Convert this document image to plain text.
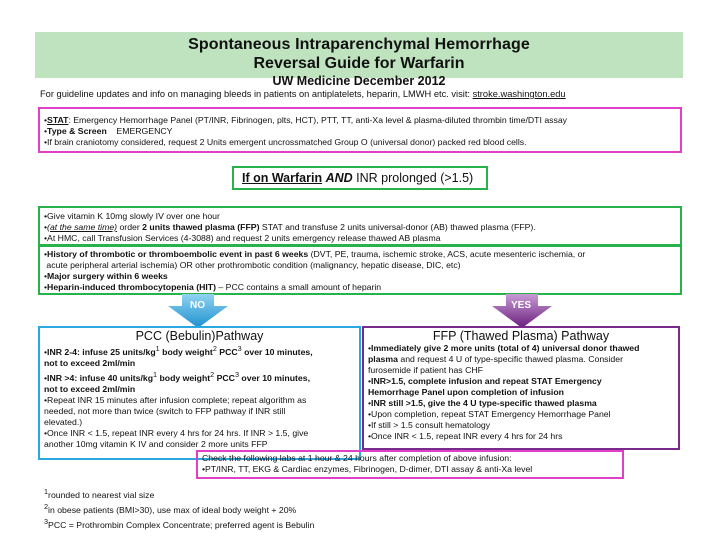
Spontaneous Intraparenchymal Hemorrhage
Reversal Guide for Warfarin
UW Medicine December 2012
For guideline updates and info on managing bleeds in patients on antiplatelets, heparin, LMWH etc. visit: stroke.washington.edu
•STAT: Emergency Hemorrhage Panel (PT/INR, Fibrinogen, plts, HCT), PTT, TT, anti-Xa level & plasma-diluted thrombin time/DTI assay
•Type & Screen EMERGENCY
•If brain craniotomy considered, request 2 Units emergent uncrossmatched Group O (universal donor) packed red blood cells.
If on Warfarin AND INR prolonged (>1.5)
•Give vitamin K 10mg slowly IV over one hour
•(at the same time) order 2 units thawed plasma (FFP) STAT and transfuse 2 units universal-donor (AB) thawed plasma (FFP).
•At HMC, call Transfusion Services (4-3088) and request 2 units emergency release thawed AB plasma
•History of thrombotic or thromboembolic event in past 6 weeks (DVT, PE, trauma, ischemic stroke, ACS, acute mesenteric ischemia, or
acute peripheral arterial ischemia) OR other prothrombotic condition (malignancy, hepatic disease, DIC, etc)
•Major surgery within 6 weeks
•Heparin-induced thrombocytopenia (HIT) – PCC contains a small amount of heparin
NO	YES
PCC (Bebulin)Pathway
•INR 2-4: infuse 25 units/$kg^1$ body weight$^2$ PCC$^3$ over 10 minutes,
not to exceed 2ml/min
•INR >4: infuse 40 units/$kg^1$ body weight$^2$ PCC$^3$ over 10 minutes,
not to exceed 2ml/min
•Repeat INR 15 minutes after infusion complete; repeat algorithm as
needed, not more than twice (switch to FFP pathway if INR still
elevated.)
•Once INR < 1.5, repeat INR every 4 hrs for 24 hrs. If INR > 1.5, give
another 10mg vitamin K IV and consider 2 more units FFP
FFP (Thawed Plasma) Pathway
•Immediately give 2 more units (total of 4) universal donor thawed
plasma and request 4 U of type-specific thawed plasma. Consider
furosemide if patient has CHF
•INR>1.5, complete infusion and repeat STAT Emergency
Hemorrhage Panel upon completion of infusion
•INR still >1.5, give the 4 U type-specific thawed plasma
•Upon completion, repeat STAT Emergency Hemorrhage Panel
•If still > 1.5 consult hematology
•Once INR < 1.5, repeat INR every 4 hrs for 24 hrs
Check the following labs at 1 hour & 24 hours after completion of above infusion:
•PT/INR, TT, EKG & Cardiac enzymes, Fibrinogen, D-dimer, DTI assay & anti-Xa level
$^1$rounded to nearest vial size
$^2$in obese patients (BMI>30), use max of ideal body weight + 20%
$^3$PCC = Prothrombin Complex Concentrate; preferred agent is Bebulin
